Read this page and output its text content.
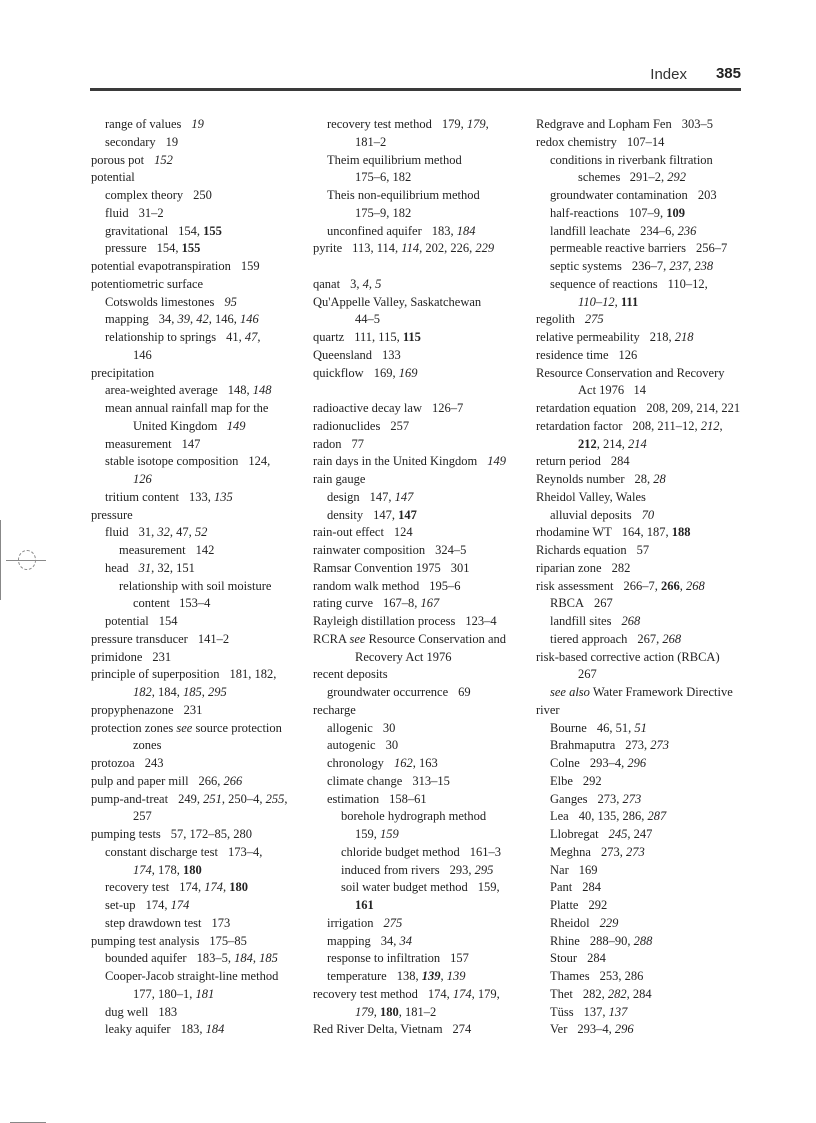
Index 385
range of values 19
secondary 19
porous pot 152
potential
complex theory 250
fluid 31–2
gravitational 154, 155
pressure 154, 155
potential evapotranspiration 159
potentiometric surface
Cotswolds limestones 95
mapping 34, 39, 42, 146, 146
relationship to springs 41, 47,
146
precipitation
area-weighted average 148, 148
mean annual rainfall map for the
United Kingdom   149
measurement 147
stable isotope composition 124,
126
tritium content 133, 135
pressure
fluid 31, 32, 47, 52
measurement 142
head 31, 32, 151
relationship with soil moisture
content   153–4
potential 154
pressure transducer 141–2
primidone 231
principle of superposition 181, 182,
182, 184, 185, 295
propyphenazone 231
protection zones see source protection
zones
protozoa 243
pulp and paper mill 266, 266
pump-and-treat 249, 251, 250–4, 255,
257
pumping tests 57, 172–85, 280
constant discharge test 173–4,
174, 178, 180
recovery test 174, 174, 180
set-up 174, 174
step drawdown test 173
pumping test analysis 175–85
bounded aquifer 183–5, 184, 185
Cooper-Jacob straight-line method
177, 180–1, 181
dug well 183
leaky aquifer 183, 184
recovery test method 179, 179,
181–2
Theim equilibrium method
175–6, 182
Theis non-equilibrium method
175–9, 182
unconfined aquifer 183, 184
pyrite 113, 114, 114, 202, 226, 229
qanat 3, 4, 5
Qu'Appelle Valley, Saskatchewan
44–5
quartz 111, 115, 115
Queensland 133
quickflow 169, 169
radioactive decay law 126–7
radionuclides 257
radon 77
rain days in the United Kingdom 149
rain gauge
design 147, 147
density 147, 147
rain-out effect 124
rainwater composition 324–5
Ramsar Convention 1975 301
random walk method 195–6
rating curve 167–8, 167
Rayleigh distillation process 123–4
RCRA see Resource Conservation and
Recovery Act 1976
recent deposits
groundwater occurrence 69
recharge
allogenic 30
autogenic 30
chronology 162, 163
climate change 313–15
estimation 158–61
borehole hydrograph method
159, 159
chloride budget method 161–3
induced from rivers 293, 295
soil water budget method 159,
161
irrigation 275
mapping 34, 34
response to infiltration 157
temperature 138, 139, 139
recovery test method 174, 174, 179,
179, 180, 181–2
Red River Delta, Vietnam 274
Redgrave and Lopham Fen 303–5
redox chemistry 107–14
conditions in riverbank filtration
schemes   291–2, 292
groundwater contamination 203
half-reactions 107–9, 109
landfill leachate 234–6, 236
permeable reactive barriers 256–7
septic systems 236–7, 237, 238
sequence of reactions 110–12,
110–12, 111
regolith 275
relative permeability 218, 218
residence time 126
Resource Conservation and Recovery
Act 1976   14
retardation equation 208, 209, 214, 221
retardation factor 208, 211–12, 212,
212, 214, 214
return period 284
Reynolds number 28, 28
Rheidol Valley, Wales
alluvial deposits 70
rhodamine WT 164, 187, 188
Richards equation 57
riparian zone 282
risk assessment 266–7, 266, 268
RBCA 267
landfill sites 268
tiered approach 267, 268
risk-based corrective action (RBCA)
267
see also Water Framework Directive
river
Bourne 46, 51, 51
Brahmaputra 273, 273
Colne 293–4, 296
Elbe 292
Ganges 273, 273
Lea 40, 135, 286, 287
Llobregat 245, 247
Meghna 273, 273
Nar 169
Pant 284
Platte 292
Rheidol 229
Rhine 288–90, 288
Stour 284
Thames 253, 286
Thet 282, 282, 284
Tüss 137, 137
Ver 293–4, 296
